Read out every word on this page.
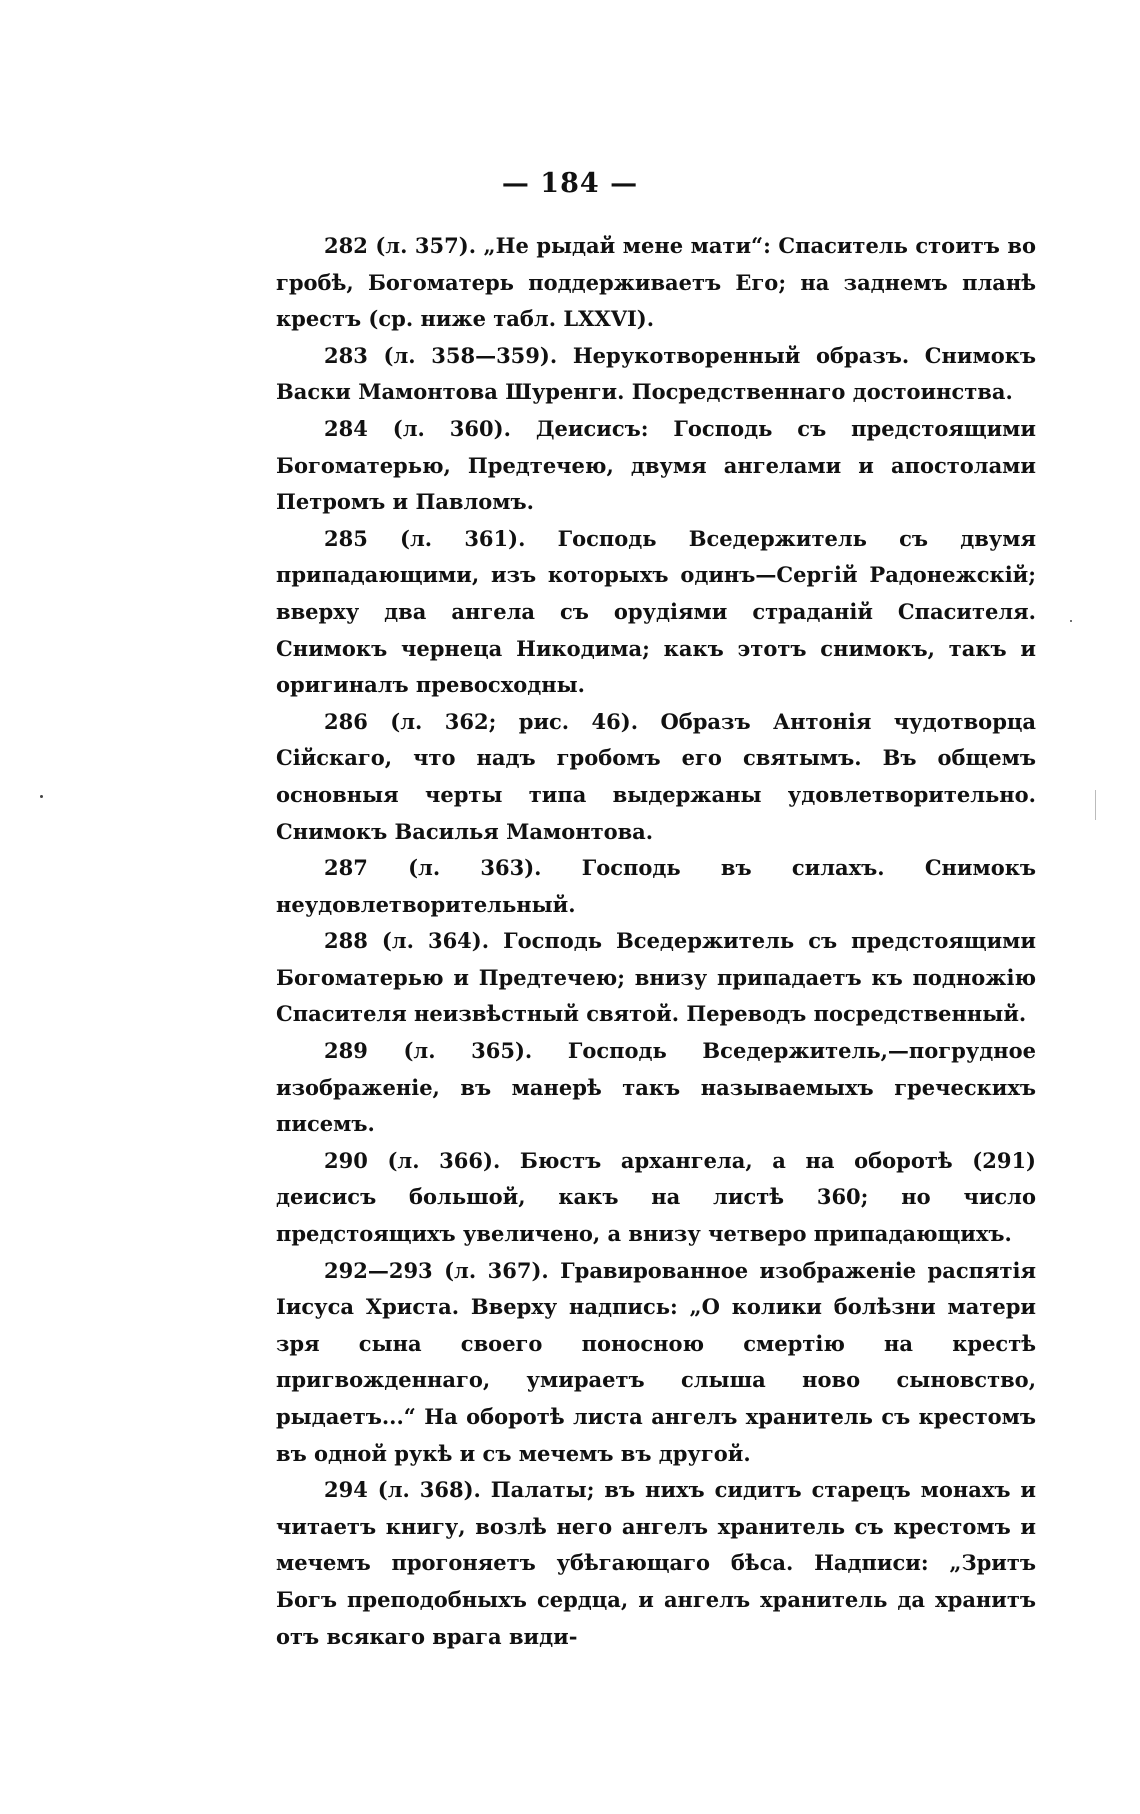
— 184 —

282 (л. 357). „Не рыдай мене мати“: Спаситель стоитъ во гробѣ, Богоматерь поддерживаетъ Его; на заднемъ планѣ крестъ (ср. ниже табл. LXXVI).

283 (л. 358—359). Нерукотворенный образъ. Снимокъ Васки Мамонтова Шуренги. Посредственнаго достоинства.

284 (л. 360). Деисисъ: Господь съ предстоящими Богоматерью, Предтечею, двумя ангелами и апостолами Петромъ и Павломъ.

285 (л. 361). Господь Вседержитель съ двумя припадающими, изъ которыхъ одинъ—Сергій Радонежскій; вверху два ангела съ орудіями страданій Спасителя. Снимокъ чернеца Никодима; какъ этотъ снимокъ, такъ и оригиналъ превосходны.

286 (л. 362; рис. 46). Образъ Антонія чудотворца Сійскаго, что надъ гробомъ его святымъ. Въ общемъ основныя черты типа выдержаны удовлетворительно. Снимокъ Василья Мамонтова.

287 (л. 363). Господь въ силахъ. Снимокъ неудовлетворительный.

288 (л. 364). Господь Вседержитель съ предстоящими Богоматерью и Предтечею; внизу припадаетъ къ подножію Спасителя неизвѣстный святой. Переводъ посредственный.

289 (л. 365). Господь Вседержитель,—погрудное изображеніе, въ манерѣ такъ называемыхъ греческихъ писемъ.

290 (л. 366). Бюстъ архангела, а на оборотѣ (291) деисисъ большой, какъ на листѣ 360; но число предстоящихъ увеличено, а внизу четверо припадающихъ.

292—293 (л. 367). Гравированное изображеніе распятія Іисуса Христа. Вверху надпись: „О колики болѣзни матери зря сына своего поносною смертію на крестѣ пригвожденнаго, умираетъ слыша ново сыновство, рыдаетъ...“ На оборотѣ листа ангелъ хранитель съ крестомъ въ одной рукѣ и съ мечемъ въ другой.

294 (л. 368). Палаты; въ нихъ сидитъ старецъ монахъ и читаетъ книгу, возлѣ него ангелъ хранитель съ крестомъ и мечемъ прогоняетъ убѣгающаго бѣса. Надписи: „Зритъ Богъ преподобныхъ сердца, и ангелъ хранитель да хранитъ отъ всякаго врага види-
